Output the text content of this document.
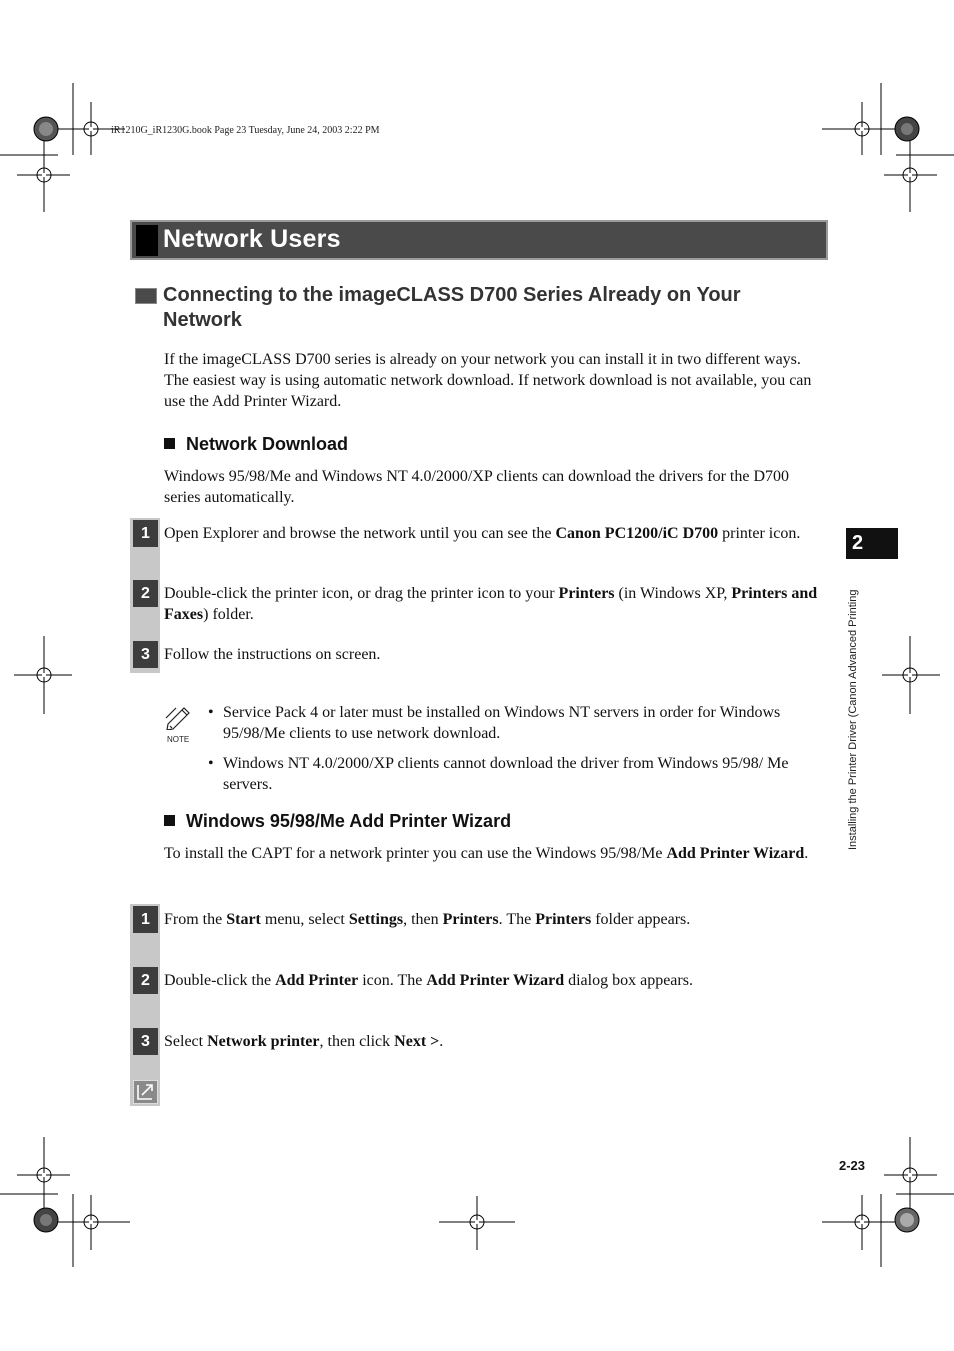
iR1210G_iR1230G.book Page 23 Tuesday, June 24, 2003 2:22 PM
Network Users
Connecting to the imageCLASS D700 Series Already on Your Network
If the imageCLASS D700 series is already on your network you can install it in two different ways. The easiest way is using automatic network download. If network download is not available, you can use the Add Printer Wizard.
Network Download
Windows 95/98/Me and Windows NT 4.0/2000/XP clients can download the drivers for the D700 series automatically.
1 Open Explorer and browse the network until you can see the Canon PC1200/iC D700 printer icon.
2 Double-click the printer icon, or drag the printer icon to your Printers (in Windows XP, Printers and Faxes) folder.
3 Follow the instructions on screen.
NOTE
• Service Pack 4 or later must be installed on Windows NT servers in order for Windows 95/98/Me clients to use network download.
• Windows NT 4.0/2000/XP clients cannot download the driver from Windows 95/98/ Me servers.
Windows 95/98/Me Add Printer Wizard
To install the CAPT for a network printer you can use the Windows 95/98/Me Add Printer Wizard.
1 From the Start menu, select Settings, then Printers. The Printers folder appears.
2 Double-click the Add Printer icon. The Add Printer Wizard dialog box appears.
3 Select Network printer, then click Next >.
2
Installing the Printer Driver (Canon Advanced Printing
2-23
